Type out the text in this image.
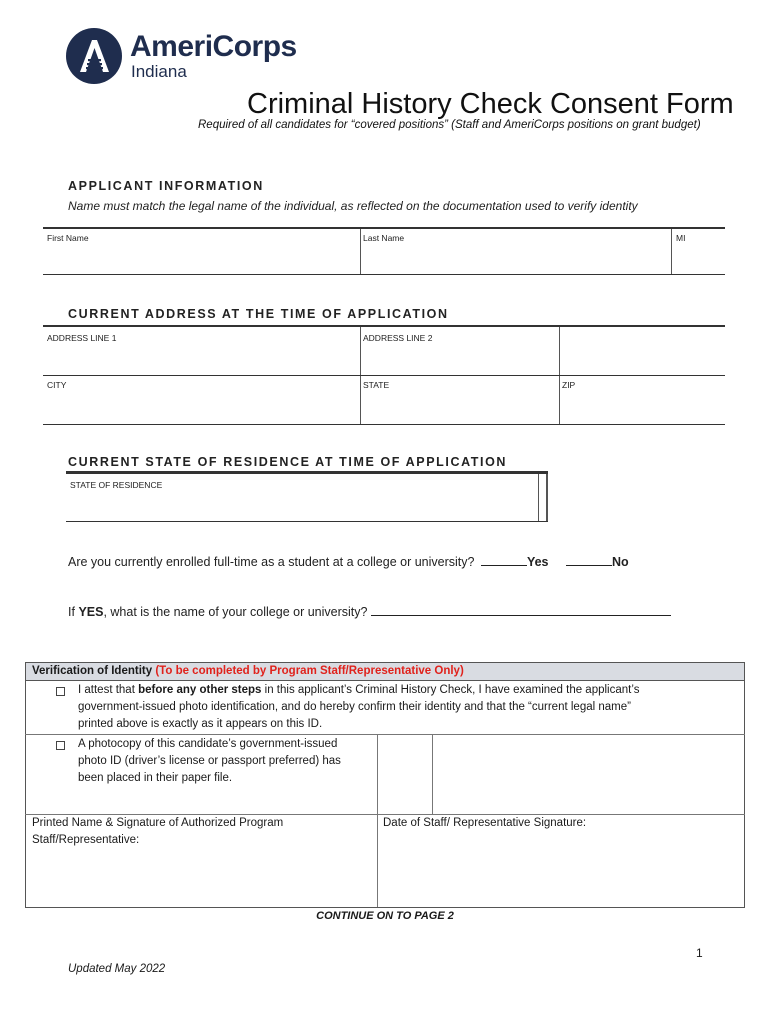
AmeriCorps
Indiana
Criminal History Check Consent Form
Required of all candidates for “covered positions” (Staff and AmeriCorps positions on grant budget)
APPLICANT INFORMATION
Name must match the legal name of the individual, as reflected on the documentation used to verify identity
First Name	Last Name	MI
CURRENT ADDRESS AT THE TIME OF APPLICATION
ADDRESS LINE 1	ADDRESS LINE 2
CITY	STATE	ZIP
CURRENT STATE OF RESIDENCE AT TIME OF APPLICATION
STATE OF RESIDENCE
Are you currently enrolled full-time as a student at a college or university?	Yes	No
If YES, what is the name of your college or university?
Verification of Identity (To be completed by Program Staff/Representative Only)
I attest that before any other steps in this applicant’s Criminal History Check, I have examined the applicant’s
government-issued photo identification, and do hereby confirm their identity and that the “current legal name”
printed above is exactly as it appears on this ID.
A photocopy of this candidate’s government-issued
photo ID (driver’s license or passport preferred) has
been placed in their paper file.
Printed Name & Signature of Authorized Program
Staff/Representative:
Date of Staff/ Representative Signature:
CONTINUE ON TO PAGE 2
1
Updated May 2022
